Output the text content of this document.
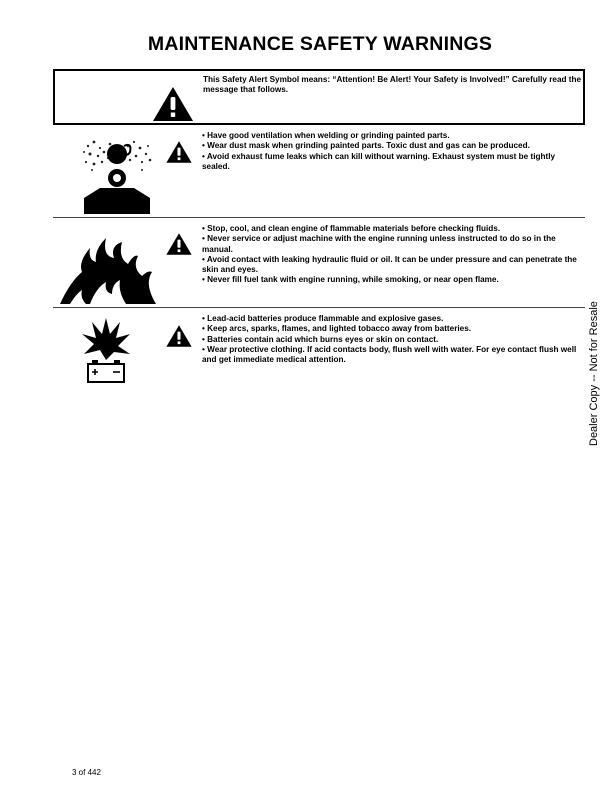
MAINTENANCE SAFETY WARNINGS
This Safety Alert Symbol means: “Attention! Be Alert! Your Safety is Involved!” Carefully read the message that follows.
• Have good ventilation when welding or grinding painted parts.
• Wear dust mask when grinding painted parts. Toxic dust and gas can be produced.
• Avoid exhaust fume leaks which can kill without warning. Exhaust system must be tightly sealed.
• Stop, cool, and clean engine of flammable materials before checking fluids.
• Never service or adjust machine with the engine running unless instructed to do so in the manual.
• Avoid contact with leaking hydraulic fluid or oil. It can be under pressure and can penetrate the skin and eyes.
• Never fill fuel tank with engine running, while smoking, or near open flame.
• Lead-acid batteries produce flammable and explosive gases.
• Keep arcs, sparks, flames, and lighted tobacco away from batteries.
• Batteries contain acid which burns eyes or skin on contact.
• Wear protective clothing. If acid contacts body, flush well with water. For eye contact flush well and get immediate medical attention.	Dealer Copy -- Not for Resale
3 of 442
